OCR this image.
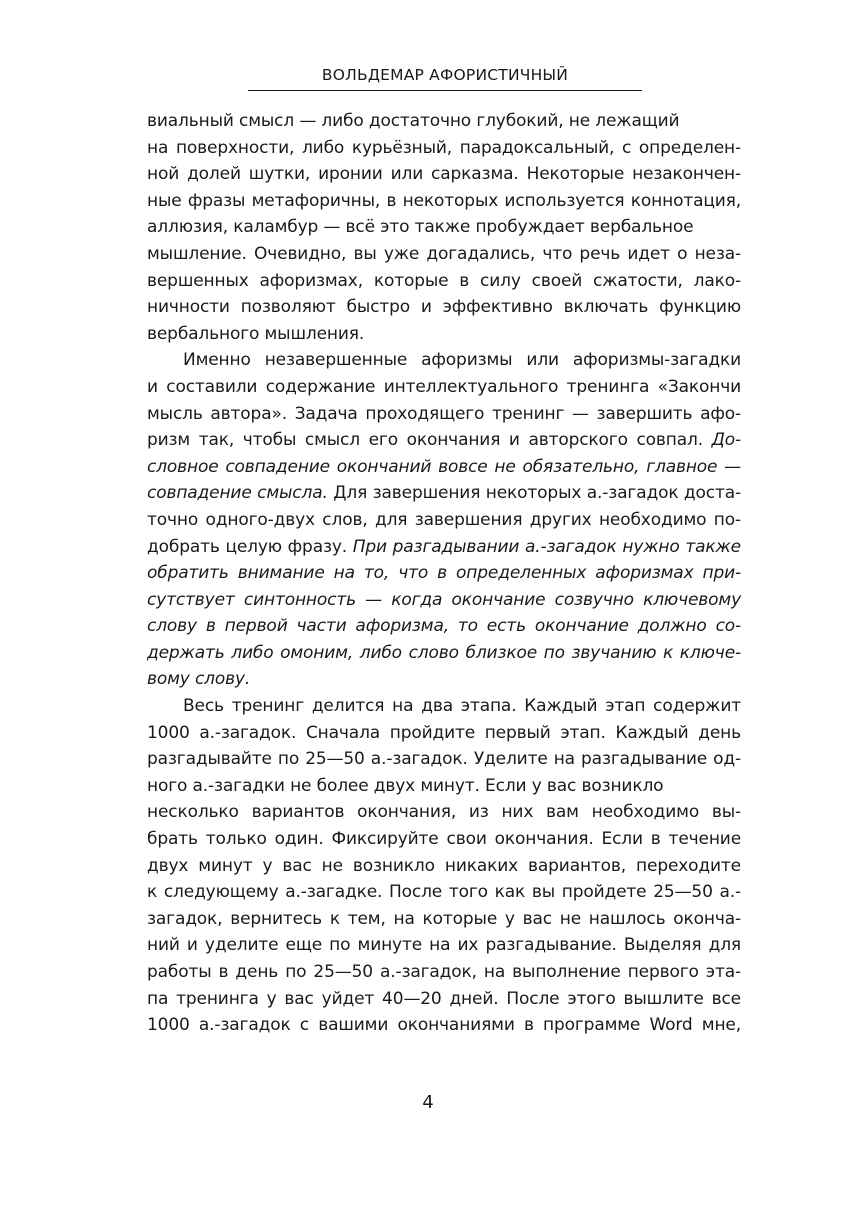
ВОЛЬДЕМАР АФОРИСТИЧНЫЙ
виальный смысл — либо достаточно глубокий, не лежащий
на поверхности, либо курьёзный, парадоксальный, с определен-
ной долей шутки, иронии или сарказма. Некоторые незакончен-
ные фразы метафоричны, в некоторых используется коннотация,
аллюзия, каламбур — всё это также пробуждает вербальное
мышление. Очевидно, вы уже догадались, что речь идет о неза-
вершенных афоризмах, которые в силу своей сжатости, лако-
ничности позволяют быстро и эффективно включать функцию
вербального мышления.
Именно незавершенные афоризмы или афоризмы-загадки
и составили содержание интеллектуального тренинга «Закончи
мысль автора». Задача проходящего тренинг — завершить афо-
ризм так, чтобы смысл его окончания и авторского совпал. До-
словное совпадение окончаний вовсе не обязательно, главное —
совпадение смысла. Для завершения некоторых а.-загадок доста-
точно одного-двух слов, для завершения других необходимо по-
добрать целую фразу. При разгадывании а.-загадок нужно также
обратить внимание на то, что в определенных афоризмах при-
сутствует синтонность — когда окончание созвучно ключевому
слову в первой части афоризма, то есть окончание должно со-
держать либо омоним, либо слово близкое по звучанию к ключе-
вому слову.
Весь тренинг делится на два этапа. Каждый этап содержит
1000 а.-загадок. Сначала пройдите первый этап. Каждый день
разгадывайте по 25—50 а.-загадок. Уделите на разгадывание од-
ного а.-загадки не более двух минут. Если у вас возникло
несколько вариантов окончания, из них вам необходимо вы-
брать только один. Фиксируйте свои окончания. Если в течение
двух минут у вас не возникло никаких вариантов, переходите
к следующему а.-загадке. После того как вы пройдете 25—50 а.-
загадок, вернитесь к тем, на которые у вас не нашлось оконча-
ний и уделите еще по минуте на их разгадывание. Выделяя для
работы в день по 25—50 а.-загадок, на выполнение первого эта-
па тренинга у вас уйдет 40—20 дней. После этого вышлите все
1000 а.-загадок с вашими окончаниями в программе Word мне,
4
